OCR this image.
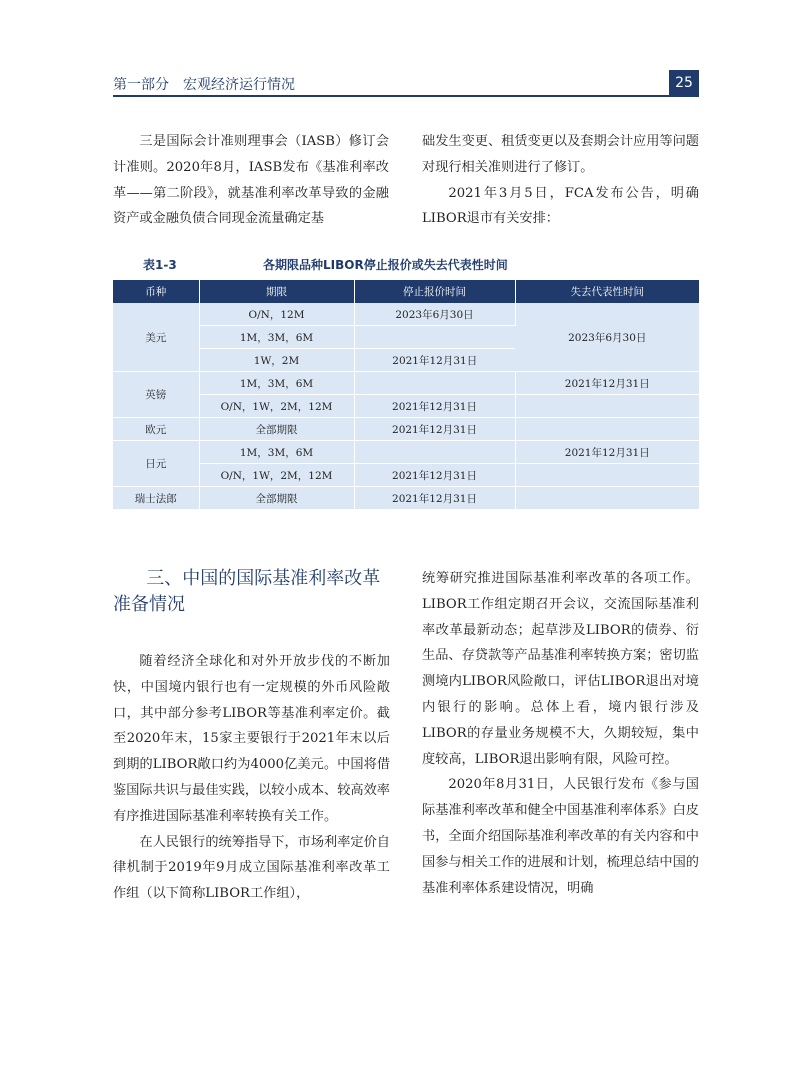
第一部分　宏观经济运行情况	25

三是国际会计准则理事会（IASB）修订会计准则。2020年8月，IASB发布《基准利率改革——第二阶段》，就基准利率改革导致的金融资产或金融负债合同现金流量确定基

础发生变更、租赁变更以及套期会计应用等问题对现行相关准则进行了修订。

2021年3月5日，FCA发布公告，明确LIBOR退市有关安排：

表1-3	各期限品种LIBOR停止报价或失去代表性时间
币种	期限	停止报价时间	失去代表性时间
美元	O/N，12M	2023年6月30日	2023年6月30日
	1M，3M，6M		
	1W，2M	2021年12月31日	
英镑	1M，3M，6M		2021年12月31日
	O/N，1W，2M，12M	2021年12月31日	
欧元	全部期限	2021年12月31日	
日元	1M，3M，6M		2021年12月31日
	O/N，1W，2M，12M	2021年12月31日	
瑞士法郎	全部期限	2021年12月31日	
三、中国的国际基准利率改革准备情况

随着经济全球化和对外开放步伐的不断加快，中国境内银行也有一定规模的外币风险敞口，其中部分参考LIBOR等基准利率定价。截至2020年末，15家主要银行于2021年末以后到期的LIBOR敞口约为4000亿美元。中国将借鉴国际共识与最佳实践，以较小成本、较高效率有序推进国际基准利率转换有关工作。

在人民银行的统筹指导下，市场利率定价自律机制于2019年9月成立国际基准利率改革工作组（以下简称LIBOR工作组），

统筹研究推进国际基准利率改革的各项工作。LIBOR工作组定期召开会议，交流国际基准利率改革最新动态；起草涉及LIBOR的债券、衍生品、存贷款等产品基准利率转换方案；密切监测境内LIBOR风险敞口，评估LIBOR退出对境内银行的影响。总体上看，境内银行涉及LIBOR的存量业务规模不大，久期较短，集中度较高，LIBOR退出影响有限，风险可控。

2020年8月31日，人民银行发布《参与国际基准利率改革和健全中国基准利率体系》白皮书，全面介绍国际基准利率改革的有关内容和中国参与相关工作的进展和计划，梳理总结中国的基准利率体系建设情况，明确
